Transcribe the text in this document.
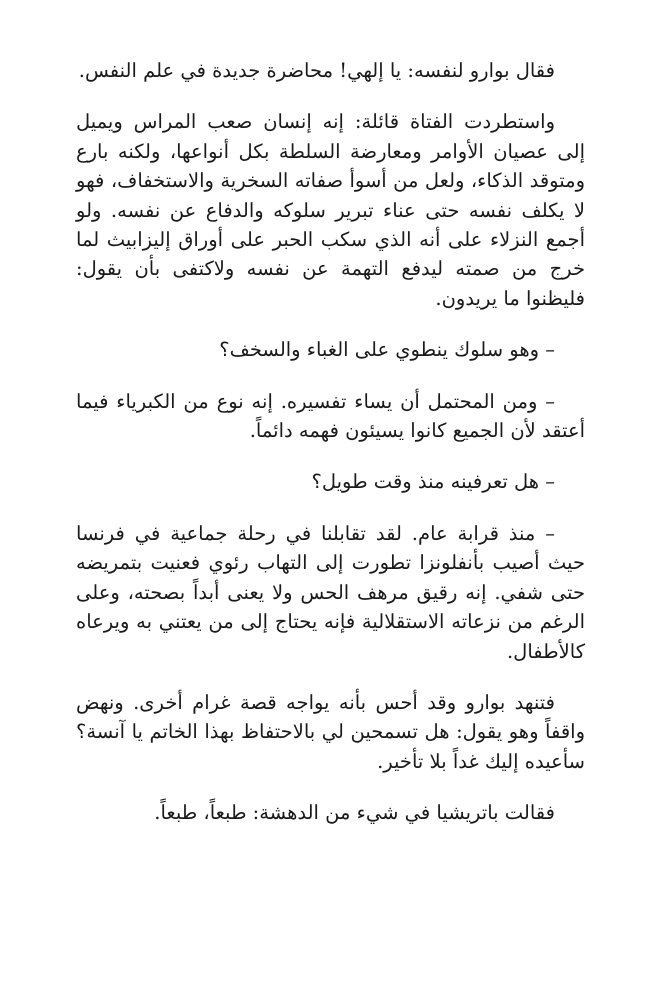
فقال بوارو لنفسه: يا إلهي! محاضرة جديدة في علم النفس.

واستطردت الفتاة قائلة: إنه إنسان صعب المراس ويميل إلى عصيان الأوامر ومعارضة السلطة بكل أنواعها، ولكنه بارع ومتوقد الذكاء، ولعل من أسوأ صفاته السخرية والاستخفاف، فهو لا يكلف نفسه حتى عناء تبرير سلوكه والدفاع عن نفسه. ولو أجمع النزلاء على أنه الذي سكب الحبر على أوراق إليزابيث لما خرج من صمته ليدفع التهمة عن نفسه ولاكتفى بأن يقول: فليظنوا ما يريدون.

– وهو سلوك ينطوي على الغباء والسخف؟

– ومن المحتمل أن يساء تفسيره. إنه نوع من الكبرياء فيما أعتقد لأن الجميع كانوا يسيئون فهمه دائماً.

– هل تعرفينه منذ وقت طويل؟

– منذ قرابة عام. لقد تقابلنا في رحلة جماعية في فرنسا حيث أصيب بأنفلونزا تطورت إلى التهاب رئوي فعنيت بتمريضه حتى شفي. إنه رقيق مرهف الحس ولا يعنى أبداً بصحته، وعلى الرغم من نزعاته الاستقلالية فإنه يحتاج إلى من يعتني به ويرعاه كالأطفال.

فتنهد بوارو وقد أحس بأنه يواجه قصة غرام أخرى. ونهض واقفاً وهو يقول: هل تسمحين لي بالاحتفاظ بهذا الخاتم يا آنسة؟ سأعيده إليك غداً بلا تأخير.

فقالت باتريشيا في شيء من الدهشة: طبعاً، طبعاً.
